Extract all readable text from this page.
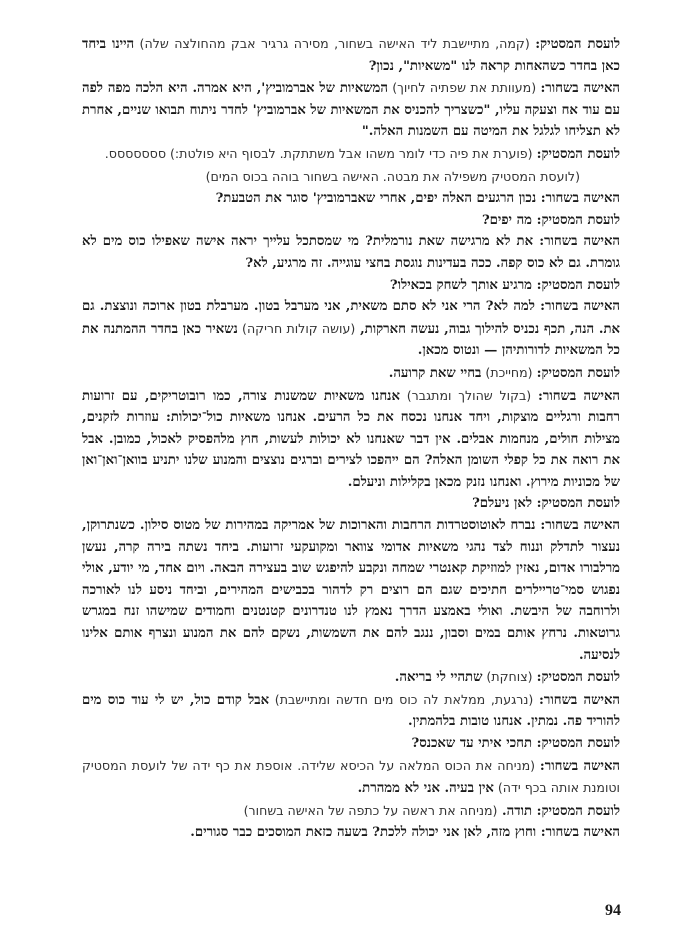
לועסת המסטיק: (קמה, מתיישבת ליד האישה בשחור, מסירה גרגיר אבק מהחולצה שלה) היינו ביחד כאן בחדר כשהאחות קראה לנו "משאיות", נכון?

האישה בשחור: (מעוותת את שפתיה לחיוך) המשאיות של אברמוביץ', היא אמרה. היא הלכה מפה לפה עם עוד אח וצעקה עליו, "כשצריך להכניס את המשאיות של אברמוביץ' לחדר ניתוח תבואו שניים, אחרת לא תצליחו לגלגל את המיטה עם השמנות האלה."

לועסת המסטיק: (פוערת את פיה כדי לומר משהו אבל משתתקת. לבסוף היא פולטת:) ססססססס.

(לועסת המסטיק משפילה את מבטה. האישה בשחור בוהה בכוס המים)

האישה בשחור: נכון הרגעים האלה יפים, אחרי שאברמוביץ' סוגר את הטבעת?

לועסת המסטיק: מה יפים?

האישה בשחור: את לא מרגישה שאת נורמלית? מי שמסתכל עלייך יראה אישה שאפילו כוס מים לא גומרת. גם לא כוס קפה. ככה בעדינות נוגסת בחצי עוגייה. זה מרגיע, לא?

לועסת המסטיק: מרגיע אותך לשחק בכאילו?

האישה בשחור: למה לא? הרי אני לא סתם משאית, אני מערבל בטון. מערבלת בטון ארוכה ונוצצת. גם את. הנה, תכף נכניס להילוך גבוה, נעשה חארקות, (עושה קולות חריקה) נשאיר כאן בחדר ההמתנה את כל המשאיות לדורותיהן — ונטוס מכאן.

לועסת המסטיק: (מחייכת) בחיי שאת קרועה.

האישה בשחור: (בקול שהולך ומתגבר) אנחנו משאיות שמשנות צורה, כמו רובוטריקים, עם זרועות רחבות ורגליים מוצקות, ויחד אנחנו נכסח את כל הרעים. אנחנו משאיות כול־יכולות: עוזרות לזקנים, מצילות חולים, מנחמות אבלים. אין דבר שאנחנו לא יכולות לעשות, חוץ מלהפסיק לאכול, כמובן. אבל את רואה את כל קפלי השומן האלה? הם ייהפכו לצירים וברגים נוצצים והמנוע שלנו יתניע בוואן־ואן־ואן של מכוניות מירוץ. ואנחנו נזנק מכאן בקלילות וניעלם.

לועסת המסטיק: לאן ניעלם?

האישה בשחור: נברח לאוטוסטרדות הרחבות והארוכות של אמריקה במהירות של מטוס סילון. כשנתרוקן, נעצור לתדלק וננוח לצד נהגי משאיות אדומי צוואר ומקועקעי זרועות. ביחד נשתה בירה קרה, נעשן מרלבורו אדום, נאזין למוזיקת קאנטרי שמחה ונקבע להיפגש שוב בעצירה הבאה. ויום אחד, מי יודע, אולי נפגוש סמי־טריילרים חתיכים שגם הם רוצים רק לדהור בכבישים המהירים, וביחד ניסע לנו לאורכה ולרוחבה של היבשת. ואולי באמצע הדרך נאמץ לנו טנדרונים קטנטנים וחמודים שמישהו זנח במגרש גרוטאות. נרחץ אותם במים וסבון, ננגב להם את השמשות, נשקם להם את המנוע ונצרף אותם אלינו לנסיעה.

לועסת המסטיק: (צוחקת) שתהיי לי בריאה.

האישה בשחור: (נרגעת, ממלאת לה כוס מים חדשה ומתיישבת) אבל קודם כול, יש לי עוד כוס מים להוריד פה. נמתין. אנחנו טובות בלהמתין.

לועסת המסטיק: תחכי איתי עד שאכנס?

האישה בשחור: (מניחה את הכוס המלאה על הכיסא שלידה. אוספת את כף ידה של לועסת המסטיק וטומנת אותה בכף ידה) אין בעיה. אני לא ממהרת.

לועסת המסטיק: תודה. (מניחה את ראשה על כתפה של האישה בשחור)

האישה בשחור: וחוץ מזה, לאן אני יכולה ללכת? בשעה כזאת המוסכים כבר סגורים.

94
